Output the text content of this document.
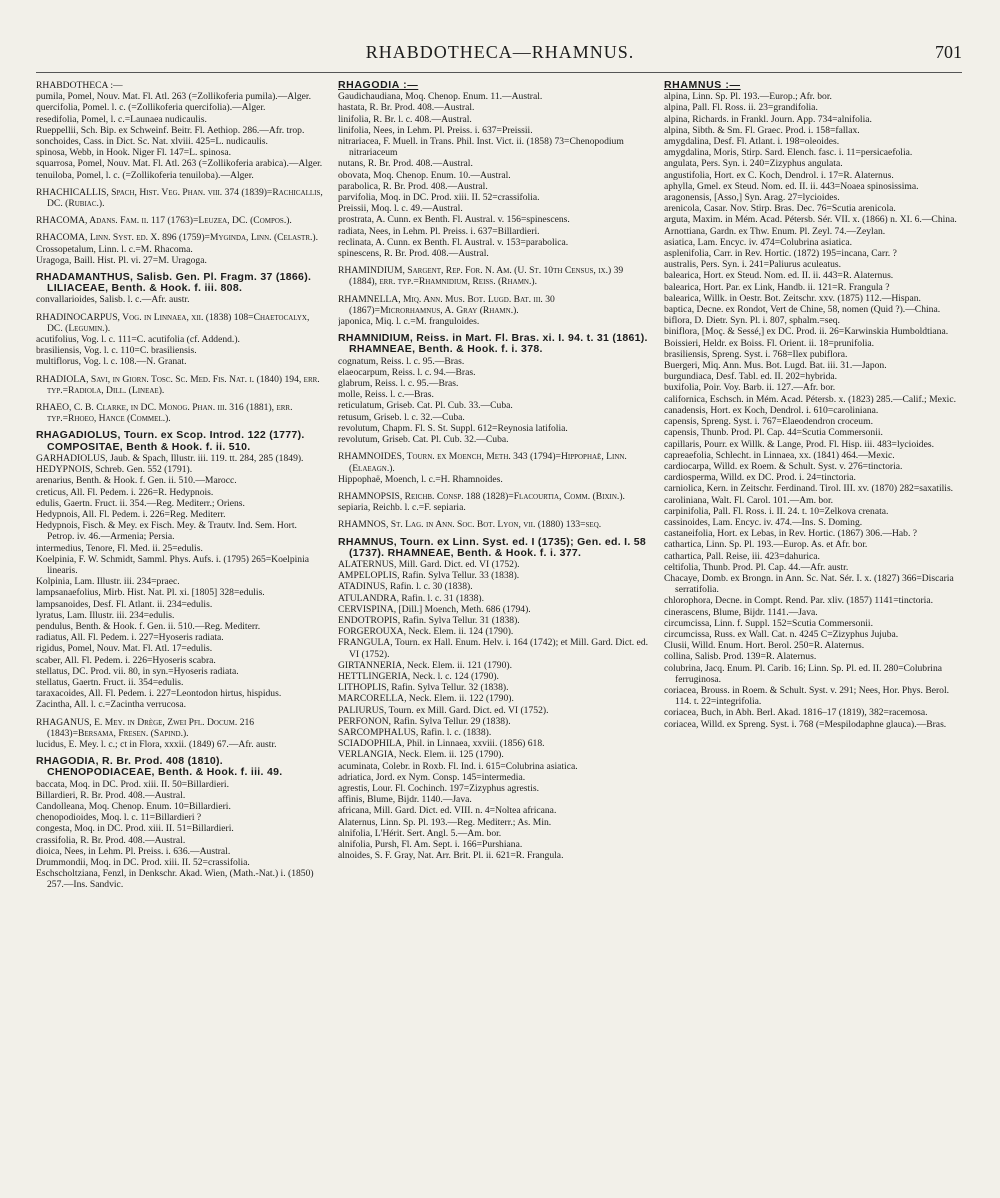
RHABDOTHECA—RHAMNUS.	701

RHABDOTHECA :—

pumila, Pomel, Nouv. Mat. Fl. Atl. 263 (=Zollikoferia pumila).—Alger.

quercifolia, Pomel. l. c. (=Zollikoferia quercifolia).—Alger.

resedifolia, Pomel, l. c.=Launaea nudicaulis.

Rueppellii, Sch. Bip. ex Schweinf. Beitr. Fl. Aethiop. 286.—Afr. trop.

sonchoides, Cass. in Dict. Sc. Nat. xlviii. 425=L. nudicaulis.

spinosa, Webb, in Hook. Niger Fl. 147=L. spinosa.

squarrosa, Pomel, Nouv. Mat. Fl. Atl. 263 (=Zollikoferia arabica).—Alger.

tenuiloba, Pomel, l. c. (=Zollikoferia tenuiloba).—Alger.

RHACHICALLIS, Spach, Hist. Veg. Phan. viii. 374 (1839)=Rachicallis, DC. (Rubiac.).

RHACOMA, Adans. Fam. ii. 117 (1763)=Leuzea, DC. (Compos.).

RHACOMA, Linn. Syst. ed. X. 896 (1759)=Myginda, Linn. (Celastr.).

Crossopetalum, Linn. l. c.=M. Rhacoma.

Uragoga, Baill. Hist. Pl. vi. 27=M. Uragoga.

RHADAMANTHUS, Salisb. Gen. Pl. Fragm. 37 (1866). LILIACEAE, Benth. & Hook. f. iii. 808.

convallarioides, Salisb. l. c.—Afr. austr.

RHADINOCARPUS, Vog. in Linnaea, xii. (1838) 108=Chaetocalyx, DC. (Legumin.).

acutifolius, Vog. l. c. 111=C. acutifolia (cf. Addend.).

brasiliensis, Vog. l. c. 110=C. brasiliensis.

multiflorus, Vog. l. c. 108.—N. Granat.

RHADIOLA, Savi, in Giorn. Tosc. Sc. Med. Fis. Nat. i. (1840) 194, err. typ.=Radiola, Dill. (Lineae).

RHAEO, C. B. Clarke, in DC. Monog. Phan. iii. 316 (1881), err. typ.=Rhoeo, Hance (Commel.).

RHAGADIOLUS, Tourn. ex Scop. Introd. 122 (1777). COMPOSITAE, Benth & Hook. f. ii. 510.

GARHADIOLUS, Jaub. & Spach, Illustr. iii. 119. tt. 284, 285 (1849).

HEDYPNOIS, Schreb. Gen. 552 (1791).

arenarius, Benth. & Hook. f. Gen. ii. 510.—Marocc.

creticus, All. Fl. Pedem. i. 226=R. Hedypnois.

edulis, Gaertn. Fruct. ii. 354.—Reg. Mediterr.; Oriens.

Hedypnois, All. Fl. Pedem. i. 226=Reg. Mediterr.

Hedypnois, Fisch. & Mey. ex Fisch. Mey. & Trautv. Ind. Sem. Hort. Petrop. iv. 46.—Armenia; Persia.

intermedius, Tenore, Fl. Med. ii. 25=edulis.

Koelpinia, F. W. Schmidt, Samml. Phys. Aufs. i. (1795) 265=Koelpinia linearis.

Kolpinia, Lam. Illustr. iii. 234=praec.

lampsanaefolius, Mirb. Hist. Nat. Pl. xi. [1805] 328=edulis.

lampsanoides, Desf. Fl. Atlant. ii. 234=edulis.

lyratus, Lam. Illustr. iii. 234=edulis.

pendulus, Benth. & Hook. f. Gen. ii. 510.—Reg. Mediterr.

radiatus, All. Fl. Pedem. i. 227=Hyoseris radiata.

rigidus, Pomel, Nouv. Mat. Fl. Atl. 17=edulis.

scaber, All. Fl. Pedem. i. 226=Hyoseris scabra.

stellatus, DC. Prod. vii. 80, in syn.=Hyoseris radiata.

stellatus, Gaertn. Fruct. ii. 354=edulis.

taraxacoides, All. Fl. Pedem. i. 227=Leontodon hirtus, hispidus.

Zacintha, All. l. c.=Zacintha verrucosa.

RHAGANUS, E. Mey. in Drège, Zwei Pfl. Docum. 216 (1843)=Bersama, Fresen. (Sapind.).

lucidus, E. Mey. l. c.; ct in Flora, xxxii. (1849) 67.—Afr. austr.

RHAGODIA, R. Br. Prod. 408 (1810). CHENOPODIACEAE, Benth. & Hook. f. iii. 49.

baccata, Moq. in DC. Prod. xiii. II. 50=Billardieri.

Billardieri, R. Br. Prod. 408.—Austral.

Candolleana, Moq. Chenop. Enum. 10=Billardieri.

chenopodioides, Moq. l. c. 11=Billardieri ?

congesta, Moq. in DC. Prod. xiii. II. 51=Billardieri.

crassifolia, R. Br. Prod. 408.—Austral.

dioica, Nees, in Lehm. Pl. Preiss. i. 636.—Austral.

Drummondii, Moq. in DC. Prod. xiii. II. 52=crassifolia.

Eschscholtziana, Fenzl, in Denkschr. Akad. Wien, (Math.-Nat.) i. (1850) 257.—Ins. Sandvic.

RHAGODIA :—

Gaudichaudiana, Moq. Chenop. Enum. 11.—Austral.

hastata, R. Br. Prod. 408.—Austral.

linifolia, R. Br. l. c. 408.—Austral.

linifolia, Nees, in Lehm. Pl. Preiss. i. 637=Preissii.

nitrariacea, F. Muell. in Trans. Phil. Inst. Vict. ii. (1858) 73=Chenopodium nitrariaceum

nutans, R. Br. Prod. 408.—Austral.

obovata, Moq. Chenop. Enum. 10.—Austral.

parabolica, R. Br. Prod. 408.—Austral.

parvifolia, Moq. in DC. Prod. xiii. II. 52=crassifolia.

Preissii, Moq. l. c. 49.—Austral.

prostrata, A. Cunn. ex Benth. Fl. Austral. v. 156=spinescens.

radiata, Nees, in Lehm. Pl. Preiss. i. 637=Billardieri.

reclinata, A. Cunn. ex Benth. Fl. Austral. v. 153=parabolica.

spinescens, R. Br. Prod. 408.—Austral.

RHAMINDIUM, Sargent, Rep. For. N. Am. (U. St. 10th Census, ix.) 39 (1884), err. typ.=Rhamnidium, Reiss. (Rhamn.).

RHAMNELLA, Miq. Ann. Mus. Bot. Lugd. Bat. iii. 30 (1867)=Microrhamnus, A. Gray (Rhamn.).

japonica, Miq. l. c.=M. franguloides.

RHAMNIDIUM, Reiss. in Mart. Fl. Bras. xi. I. 94. t. 31 (1861). RHAMNEAE, Benth. & Hook. f. i. 378.

cognatum, Reiss. l. c. 95.—Bras.

elaeocarpum, Reiss. l. c. 94.—Bras.

glabrum, Reiss. l. c. 95.—Bras.

molle, Reiss. l. c.—Bras.

reticulatum, Griseb. Cat. Pl. Cub. 33.—Cuba.

retusum, Griseb. l. c. 32.—Cuba.

revolutum, Chapm. Fl. S. St. Suppl. 612=Reynosia latifolia.

revolutum, Griseb. Cat. Pl. Cub. 32.—Cuba.

RHAMNOIDES, Tourn. ex Moench, Meth. 343 (1794)=Hippophaë, Linn. (Elaeagn.).

Hippophaë, Moench, l. c.=H. Rhamnoides.

RHAMNOPSIS, Reichb. Consp. 188 (1828)=Flacourtia, Comm. (Bixin.).

sepiaria, Reichb. l. c.=F. sepiaria.

RHAMNOS, St. Lag. in Ann. Soc. Bot. Lyon, vii. (1880) 133=seq.

RHAMNUS, Tourn. ex Linn. Syst. ed. I (1735); Gen. ed. I. 58 (1737). RHAMNEAE, Benth. & Hook. f. i. 377.

ALATERNUS, Mill. Gard. Dict. ed. VI (1752).

AMPELOPLIS, Rafin. Sylva Tellur. 33 (1838).

ATADINUS, Rafin. l. c. 30 (1838).

ATULANDRA, Rafin. l. c. 31 (1838).

CERVISPINA, [Dill.] Moench, Meth. 686 (1794).

ENDOTROPIS, Rafin. Sylva Tellur. 31 (1838).

FORGEROUXA, Neck. Elem. ii. 124 (1790).

FRANGULA, Tourn. ex Hall. Enum. Helv. i. 164 (1742); et Mill. Gard. Dict. ed. VI (1752).

GIRTANNERIA, Neck. Elem. ii. 121 (1790).

HETTLINGERIA, Neck. l. c. 124 (1790).

LITHOPLIS, Rafin. Sylva Tellur. 32 (1838).

MARCORELLA, Neck. Elem. ii. 122 (1790).

PALIURUS, Tourn. ex Mill. Gard. Dict. ed. VI (1752).

PERFONON, Rafin. Sylva Tellur. 29 (1838).

SARCOMPHALUS, Rafin. l. c. (1838).

SCIADOPHILA, Phil. in Linnaea, xxviii. (1856) 618.

VERLANGIA, Neck. Elem. ii. 125 (1790).

acuminata, Colebr. in Roxb. Fl. Ind. i. 615=Colubrina asiatica.

adriatica, Jord. ex Nym. Consp. 145=intermedia.

agrestis, Lour. Fl. Cochinch. 197=Zizyphus agrestis.

affinis, Blume, Bijdr. 1140.—Java.

africana, Mill. Gard. Dict. ed. VIII. n. 4=Noltea africana.

Alaternus, Linn. Sp. Pl. 193.—Reg. Mediterr.; As. Min.

alnifolia, L'Hérit. Sert. Angl. 5.—Am. bor.

alnifolia, Pursh, Fl. Am. Sept. i. 166=Purshiana.

alnoides, S. F. Gray, Nat. Arr. Brit. Pl. ii. 621=R. Frangula.

RHAMNUS :—

alpina, Linn. Sp. Pl. 193.—Europ.; Afr. bor.

alpina, Pall. Fl. Ross. ii. 23=grandifolia.

alpina, Richards. in Frankl. Journ. App. 734=alnifolia.

alpina, Sibth. & Sm. Fl. Graec. Prod. i. 158=fallax.

amygdalina, Desf. Fl. Atlant. i. 198=oleoides.

amygdalina, Moris, Stirp. Sard. Elench. fasc. i. 11=persicaefolia.

angulata, Pers. Syn. i. 240=Zizyphus angulata.

angustifolia, Hort. ex C. Koch, Dendrol. i. 17=R. Alaternus.

aphylla, Gmel. ex Steud. Nom. ed. II. ii. 443=Noaea spinosissima.

aragonensis, [Asso,] Syn. Arag. 27=lycioides.

arenicola, Casar. Nov. Stirp. Bras. Dec. 76=Scutia arenicola.

arguta, Maxim. in Mém. Acad. Pétersb. Sér. VII. x. (1866) n. XI. 6.—China.

Arnottiana, Gardn. ex Thw. Enum. Pl. Zeyl. 74.—Zeylan.

asiatica, Lam. Encyc. iv. 474=Colubrina asiatica.

asplenifolia, Carr. in Rev. Hortic. (1872) 195=incana, Carr. ?

australis, Pers. Syn. i. 241=Paliurus aculeatus.

balearica, Hort. ex Steud. Nom. ed. II. ii. 443=R. Alaternus.

balearica, Hort. Par. ex Link, Handb. ii. 121=R. Frangula ?

balearica, Willk. in Oestr. Bot. Zeitschr. xxv. (1875) 112.—Hispan.

baptica, Decne. ex Rondot, Vert de Chine, 58, nomen (Quid ?).—China.

biflora, D. Dietr. Syn. Pl. i. 807, sphalm.=seq.

biniflora, [Moç. & Sessé,] ex DC. Prod. ii. 26=Karwinskia Humboldtiana.

Boissieri, Heldr. ex Boiss. Fl. Orient. ii. 18=prunifolia.

brasiliensis, Spreng. Syst. i. 768=Ilex pubiflora.

Buergeri, Miq. Ann. Mus. Bot. Lugd. Bat. iii. 31.—Japon.

burgundiaca, Desf. Tabl. ed. II. 202=hybrida.

buxifolia, Poir. Voy. Barb. ii. 127.—Afr. bor.

californica, Eschsch. in Mém. Acad. Pétersb. x. (1823) 285.—Calif.; Mexic.

canadensis, Hort. ex Koch, Dendrol. i. 610=caroliniana.

capensis, Spreng. Syst. i. 767=Elaeodendron croceum.

capensis, Thunb. Prod. Pl. Cap. 44=Scutia Commersonii.

capillaris, Pourr. ex Willk. & Lange, Prod. Fl. Hisp. iii. 483=lycioides.

capreaefolia, Schlecht. in Linnaea, xx. (1841) 464.—Mexic.

cardiocarpa, Willd. ex Roem. & Schult. Syst. v. 276=tinctoria.

cardiosperma, Willd. ex DC. Prod. i. 24=tinctoria.

carniolica, Kern. in Zeitschr. Ferdinand. Tirol. III. xv. (1870) 282=saxatilis.

caroliniana, Walt. Fl. Carol. 101.—Am. bor.

carpinifolia, Pall. Fl. Ross. i. II. 24. t. 10=Zelkova crenata.

cassinoides, Lam. Encyc. iv. 474.—Ins. S. Doming.

castaneifolia, Hort. ex Lebas, in Rev. Hortic. (1867) 306.—Hab. ?

cathartica, Linn. Sp. Pl. 193.—Europ. As. et Afr. bor.

cathartica, Pall. Reise, iii. 423=dahurica.

celtifolia, Thunb. Prod. Pl. Cap. 44.—Afr. austr.

Chacaye, Domb. ex Brongn. in Ann. Sc. Nat. Sér. I. x. (1827) 366=Discaria serratifolia.

chlorophora, Decne. in Compt. Rend. Par. xliv. (1857) 1141=tinctoria.

cinerascens, Blume, Bijdr. 1141.—Java.

circumcissa, Linn. f. Suppl. 152=Scutia Commersonii.

circumcissa, Russ. ex Wall. Cat. n. 4245 C=Zizyphus Jujuba.

Clusii, Willd. Enum. Hort. Berol. 250=R. Alaternus.

collina, Salisb. Prod. 139=R. Alaternus.

colubrina, Jacq. Enum. Pl. Carib. 16; Linn. Sp. Pl. ed. II. 280=Colubrina ferruginosa.

coriacea, Brouss. in Roem. & Schult. Syst. v. 291; Nees, Hor. Phys. Berol. 114. t. 22=integrifolia.

coriacea, Buch, in Abh. Berl. Akad. 1816–17 (1819), 382=racemosa.

coriacea, Willd. ex Spreng. Syst. i. 768 (=Mespilodaphne glauca).—Bras.
